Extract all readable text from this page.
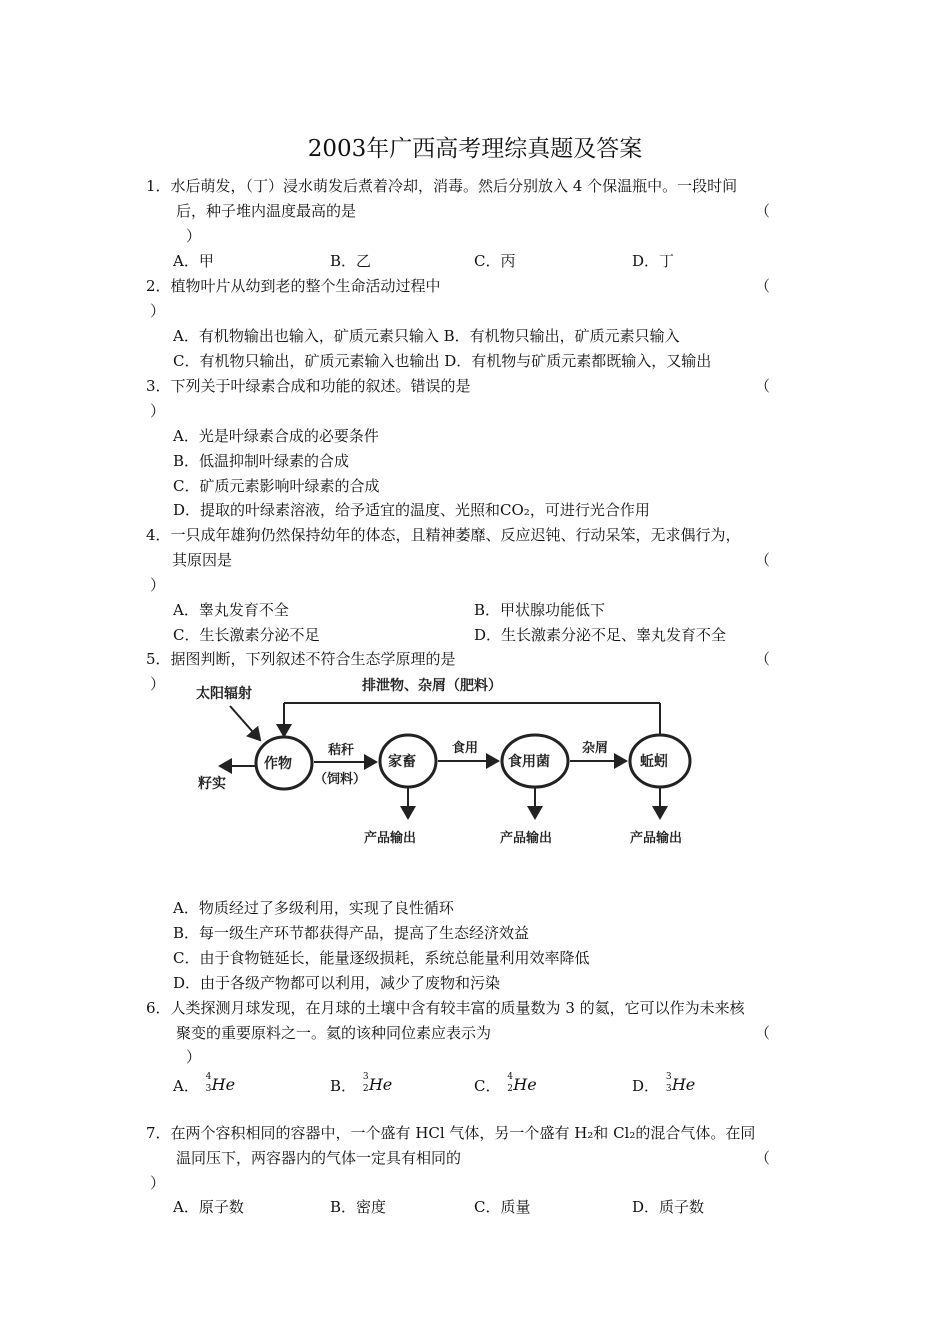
2003年广西高考理综真题及答案
1．水后萌发，（丁）浸水萌发后煮着冷却，消毒。然后分别放入 4 个保温瓶中。一段时间
后，种子堆内温度最高的是	（
）
A．甲	B．乙	C．丙	D．丁
2．植物叶片从幼到老的整个生命活动过程中	（
）
A．有机物输出也输入，矿质元素只输入 B．有机物只输出，矿质元素只输入
C．有机物只输出，矿质元素输入也输出 D．有机物与矿质元素都既输入，又输出
3．下列关于叶绿素合成和功能的叙述。错误的是	（
）
A．光是叶绿素合成的必要条件
B．低温抑制叶绿素的合成
C．矿质元素影响叶绿素的合成
D．提取的叶绿素溶液，给予适宜的温度、光照和CO₂，可进行光合作用
4．一只成年雄狗仍然保持幼年的体态，且精神萎靡、反应迟钝、行动呆笨，无求偶行为，
其原因是	（
）
A．睾丸发育不全	B．甲状腺功能低下
C．生长激素分泌不足	D．生长激素分泌不足、睾丸发育不全
5．据图判断，下列叙述不符合生态学原理的是	（
）	排泄物、杂屑（肥料）
太阳辐射
作物	家畜	食用菌	蚯蚓
籽实
秸秆
（饲料）
食用	杂屑
产品输出	产品输出	产品输出
A．物质经过了多级利用，实现了良性循环
B．每一级生产环节都获得产品，提高了生态经济效益
C．由于食物链延长，能量逐级损耗，系统总能量利用效率降低
D．由于各级产物都可以利用，减少了废物和污染
6．人类探测月球发现，在月球的土壤中含有较丰富的质量数为 3 的氦，它可以作为未来核
聚变的重要原料之一。氦的该种同位素应表示为	（
）
A． 4
3 He	B． 3
2 He	C． 4
2 He	D． 3
3 He
7．在两个容积相同的容器中，一个盛有 HCl 气体，另一个盛有 H₂和 Cl₂的混合气体。在同
温同压下，两容器内的气体一定具有相同的	（
）
A．原子数	B．密度	C．质量	D．质子数
